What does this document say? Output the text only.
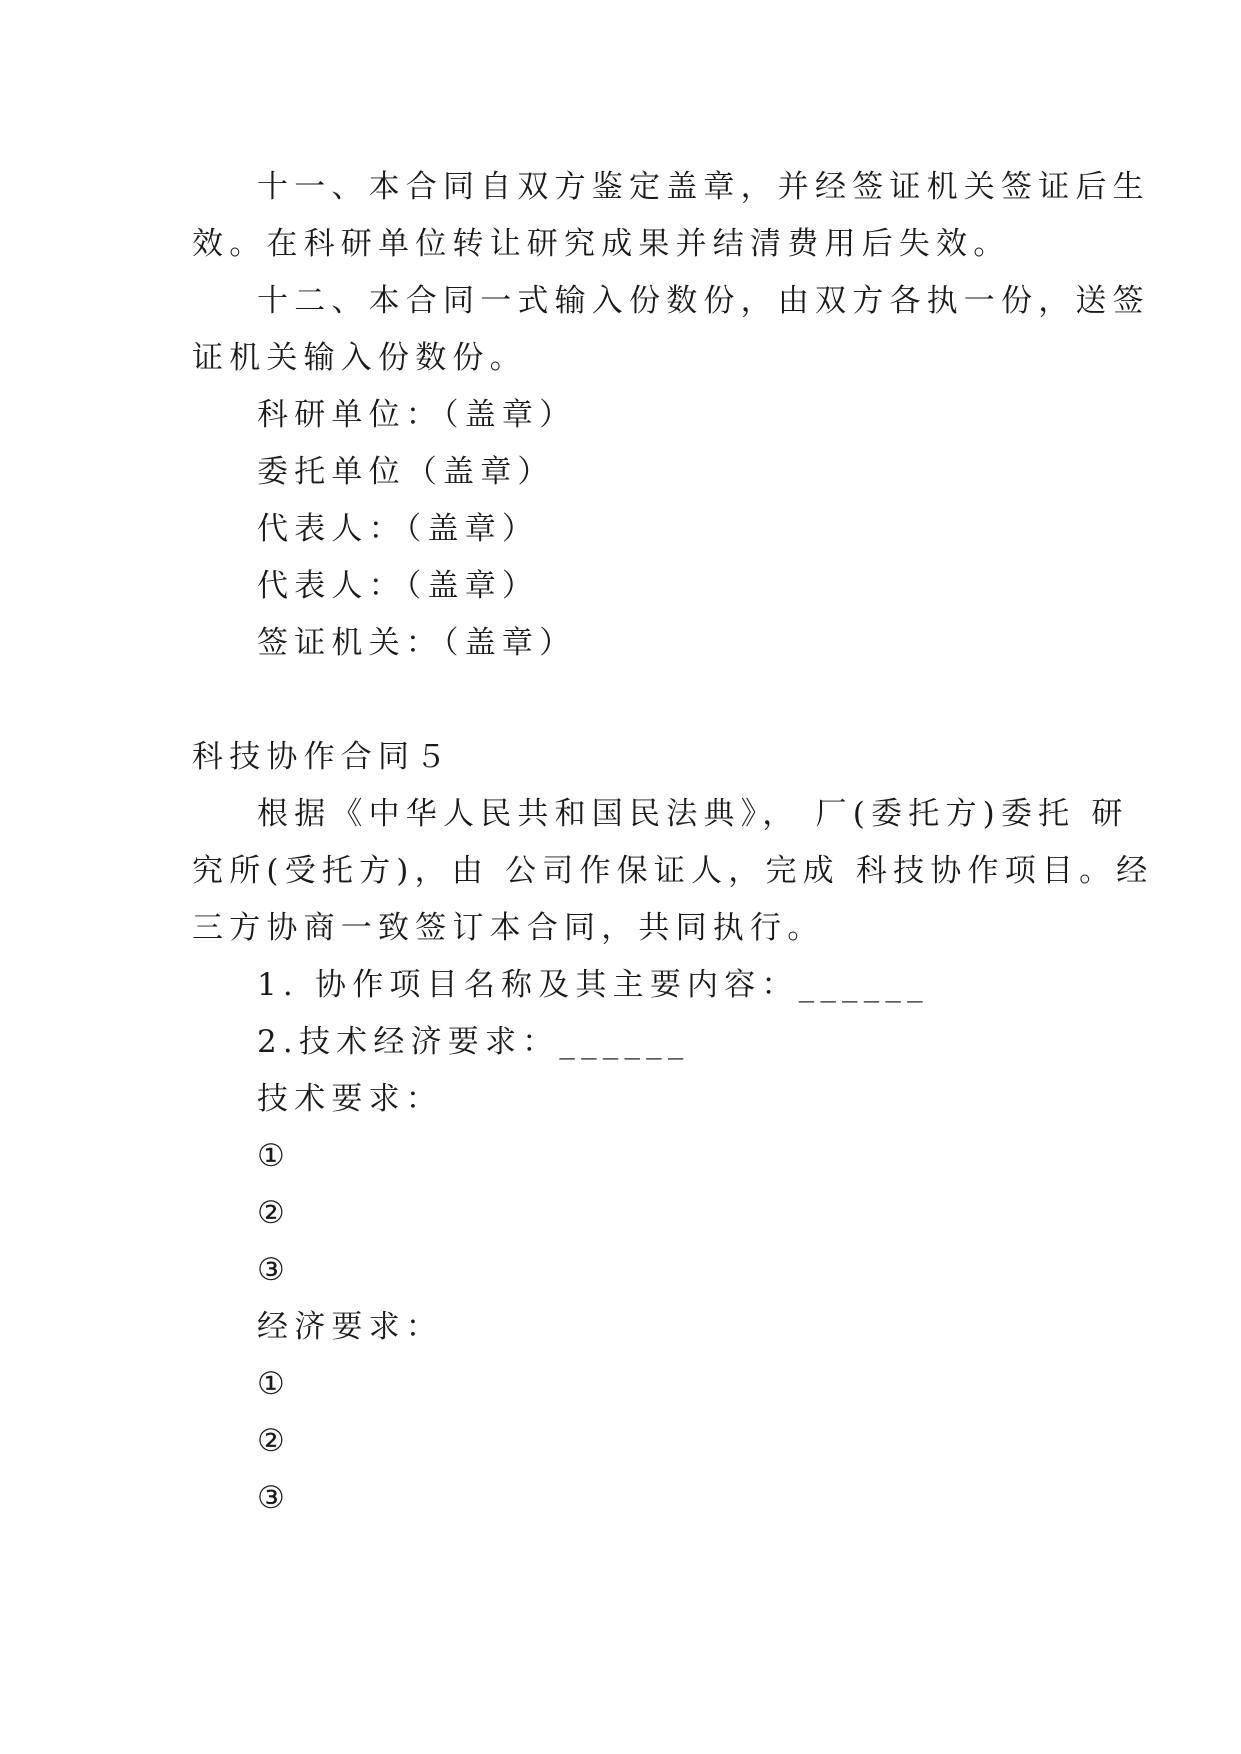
十一、本合同自双方鉴定盖章，并经签证机关签证后生
效。在科研单位转让研究成果并结清费用后失效。
十二、本合同一式输入份数份，由双方各执一份，送签
证机关输入份数份。
科研单位：（盖章）
委托单位（盖章）
代表人：（盖章）
代表人：（盖章）
签证机关：（盖章）
科技协作合同５
根据《中华人民共和国民法典》， 厂(委托方)委托 研
究所(受托方)，由 公司作保证人，完成 科技协作项目。经
三方协商一致签订本合同，共同执行。
1. 协作项目名称及其主要内容：______
2.技术经济要求：______
技术要求：
①
②
③
经济要求：
①
②
③
